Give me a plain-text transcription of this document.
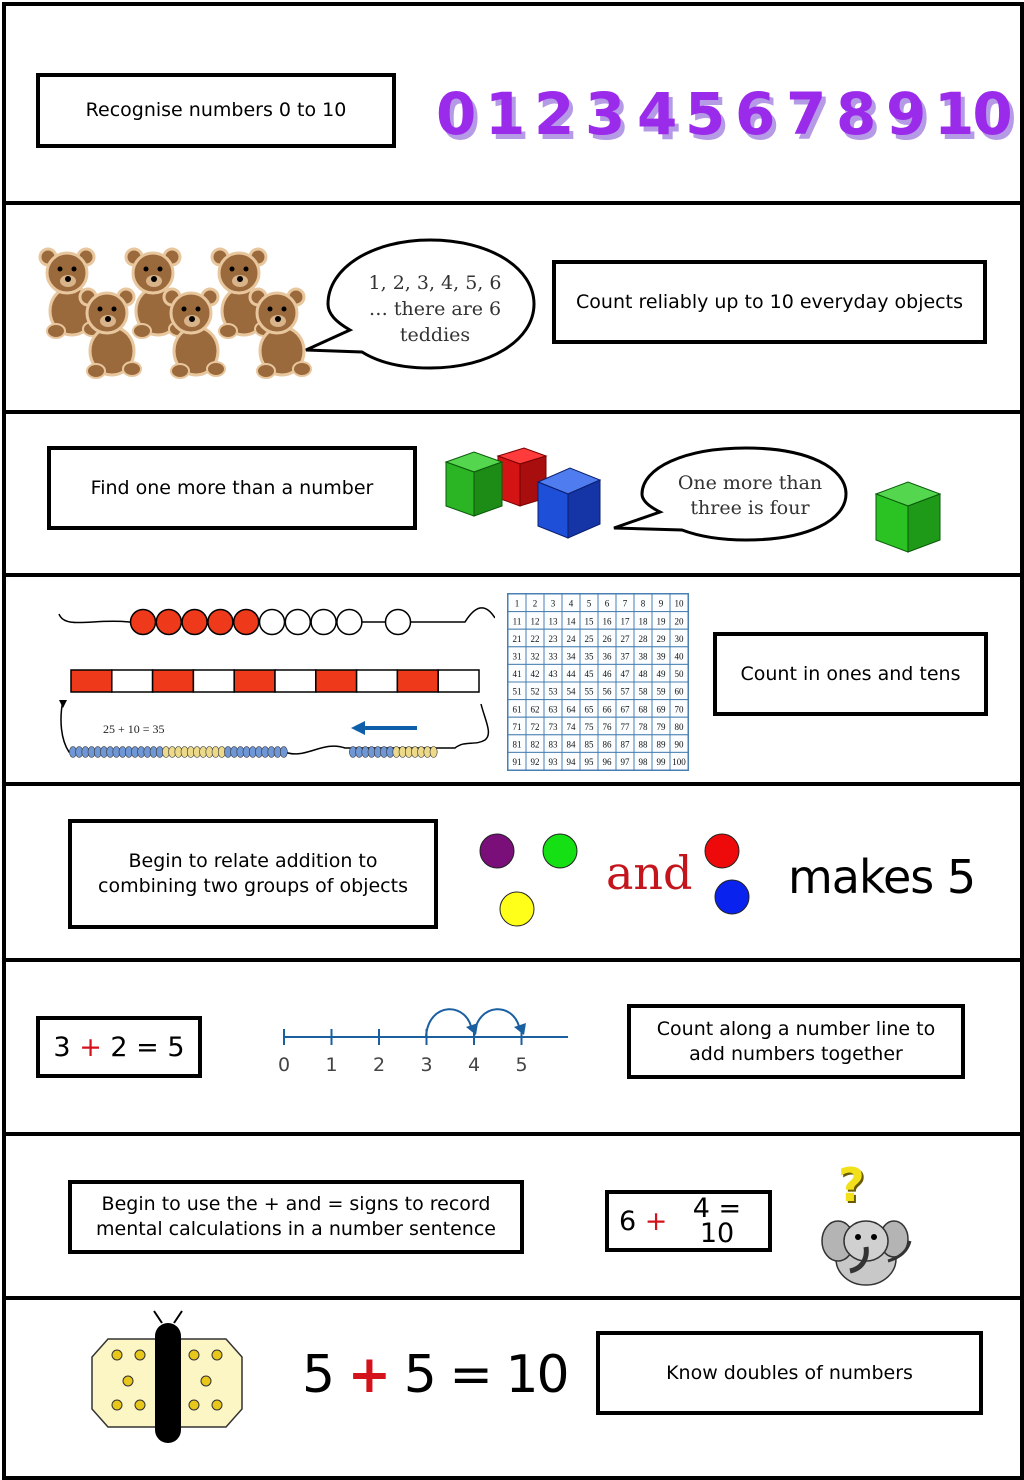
Recognise numbers 0 to 10 0 1 2 3 4 5 6 7 8 9 10
1, 2, 3, 4, 5, 6 … there are 6 teddies
Count reliably up to 10 everyday objects
Find one more than a number	One more than three is four
25 + 10 = 35
1 2 3 4 5 6 7 8 9 10
11 12 13 14 15 16 17 18 19 20
21 22 23 24 25 26 27 28 29 30
31 32 33 34 35 36 37 38 39 40
41 42 43 44 45 46 47 48 49 50
51 52 53 54 55 56 57 58 59 60
61 62 63 64 65 66 67 68 69 70
71 72 73 74 75 76 77 78 79 80
81 82 83 84 85 86 87 88 89 90
91 92 93 94 95 96 97 98 99 100
Count in ones and tens
Begin to relate addition to combining two groups of objects	and makes 5
3
+
2 = 5
0 1 2 3 4 5
Count along a number line to add numbers together
Begin to use the + and = signs to record mental calculations in a number sentence	6
+
4 = 10
?
5 + 5 = 10	Know doubles of numbers
